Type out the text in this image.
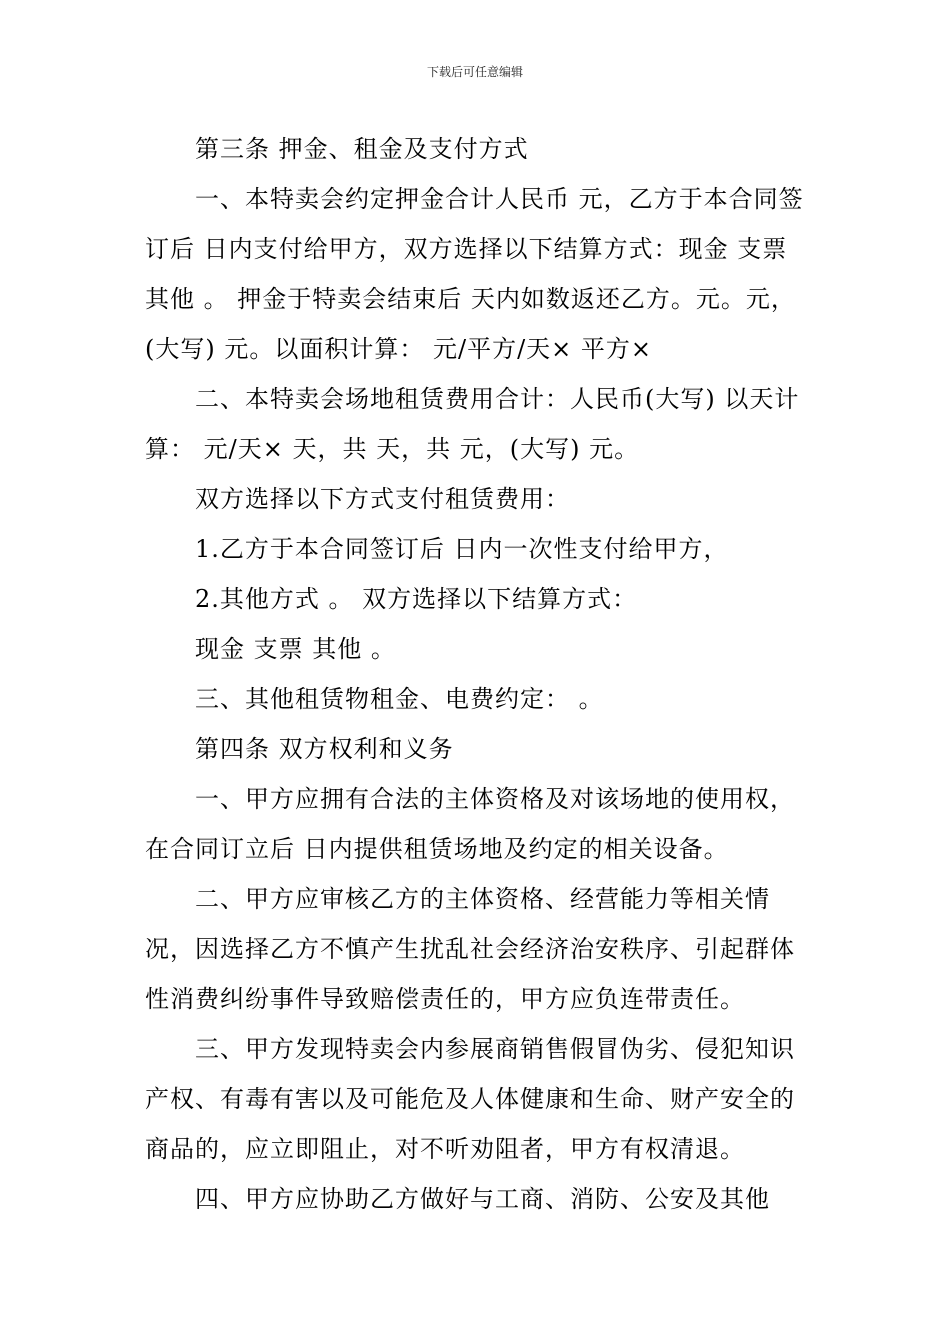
下载后可任意编辑

第三条 押金、租金及支付方式

一、本特卖会约定押金合计人民币 元，乙方于本合同签订后 日内支付给甲方，双方选择以下结算方式：现金 支票 其他 。 押金于特卖会结束后 天内如数返还乙方。元。元，(大写) 元。以面积计算： 元/平方/天× 平方×

二、本特卖会场地租赁费用合计：人民币(大写) 以天计算： 元/天× 天，共 天，共 元，(大写) 元。

双方选择以下方式支付租赁费用：

1.乙方于本合同签订后 日内一次性支付给甲方，

2.其他方式 。 双方选择以下结算方式：

现金 支票 其他 。

三、其他租赁物租金、电费约定： 。

第四条 双方权利和义务

一、甲方应拥有合法的主体资格及对该场地的使用权，在合同订立后 日内提供租赁场地及约定的相关设备。

二、甲方应审核乙方的主体资格、经营能力等相关情况，因选择乙方不慎产生扰乱社会经济治安秩序、引起群体性消费纠纷事件导致赔偿责任的，甲方应负连带责任。

三、甲方发现特卖会内参展商销售假冒伪劣、侵犯知识产权、有毒有害以及可能危及人体健康和生命、财产安全的商品的，应立即阻止，对不听劝阻者，甲方有权清退。

四、甲方应协助乙方做好与工商、消防、公安及其他
